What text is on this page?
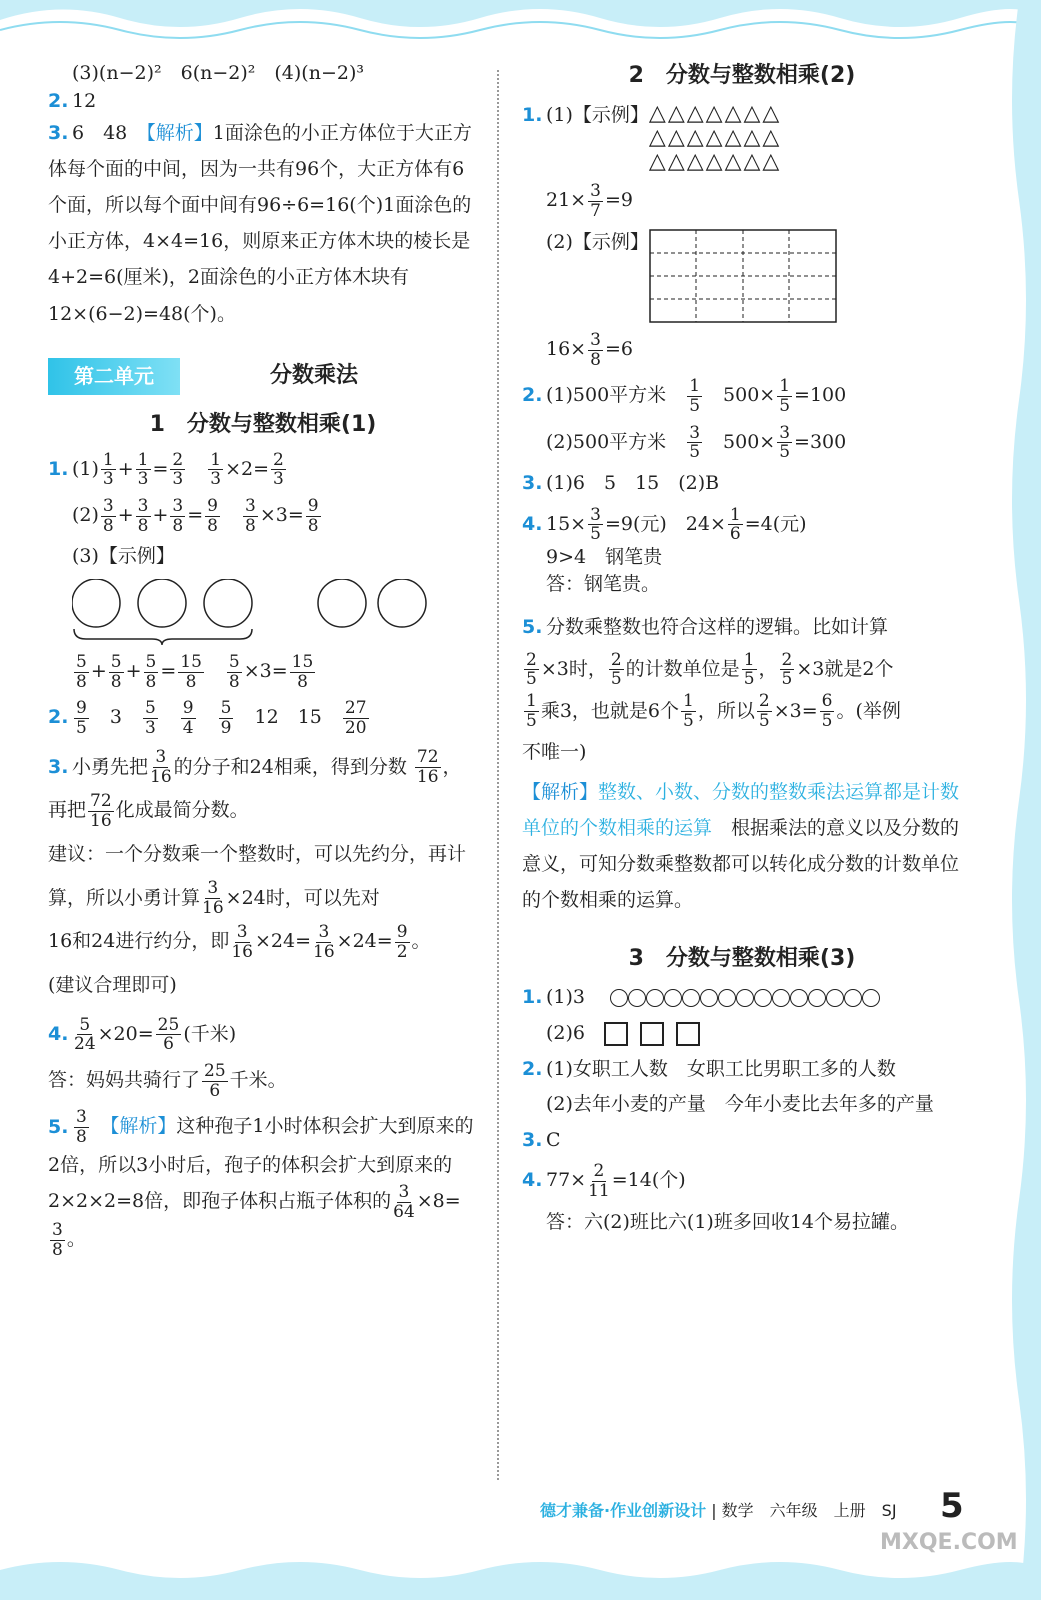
(3)(n−2)²　6(n−2)²　(4)(n−2)³

2. 12

3. 6　48　 【解析】1面涂色的小正方体位于大正方体每个面的中间，因为一共有96个，大正方体有6个面，所以每个面中间有96÷6=16(个)1面涂色的小正方体，4×4=16，则原来正方体木块的棱长是4+2=6(厘米)，2面涂色的小正方体木块有12×(6−2)=48(个)。

第二单元	分数乘法
1　分数与整数相乘(1)
1. $(1) \frac{1}{3} + \frac{1}{3} = \frac{2}{3}$
　 $\frac{1}{3} \times 2= \frac{2}{3}$
$(2) \frac{3}{8} + \frac{3}{8} + \frac{3}{8} = \frac{9}{8}$
　 $\frac{3}{8} \times 3= \frac{9}{8}$
(3)【示例】
$\frac{5}{8} + \frac{5}{8} + \frac{5}{8} = \frac{15}{8}$
　 $\frac{5}{8} \times 3= \frac{15}{8}$
2. $\frac{9}{5}$
　 3　 $\frac{5}{3}$
　 $\frac{9}{4}$
　 $\frac{5}{9}$
　 12　 15　 $\frac{27}{20}$
3. 小勇先把 $\frac{3}{16}$ 的分子和24相乘，得到分数 $\frac{72}{16}$ ，再把 $\frac{72}{16}$ 化成最简分数。
建议：一个分数乘一个整数时，可以先约分，再计算，所以小勇计算 $\frac{3}{16} \times 24$时，可以先对
16和24进行约分，即 $\frac{3}{16} \times 24= \frac{3}{16} \times 24= \frac{9}{2}$ 。
(建议合理即可)
4. $\frac{5}{24} \times 20= \frac{25}{6}$ (千米)
答：妈妈共骑行了 $\frac{25}{6}$ 千米。
5. $\frac{3}{8}$
　 【解析】这种孢子1小时体积会扩大到原来的2倍，所以3小时后，孢子的体积会扩大到原来的2×2×2=8倍，即孢子体积占瓶子体积的 $\frac{3}{64} \times 8=$
$\frac{3}{8}$ 。
2　分数与整数相乘(2)
1. (1)【示例】 △△△△△△△
△△△△△△△
△△△△△△△
$21\times \frac{3}{7} =9$
(2)【示例】
$16\times \frac{3}{8} =6$
2. (1)500平方米　 $\frac{1}{5}$ 　$500\times \frac{1}{5} =100$
(2)500平方米　 $\frac{3}{5}$ 　$500\times \frac{3}{5} =300$
3. (1)6　5　15　(2)B
4. $15\times \frac{3}{5} =9$(元)　$24\times \frac{1}{6} =4$(元)
9>4　钢笔贵
答：钢笔贵。
5. 分数乘整数也符合这样的逻辑。比如计算

$\frac{2}{5} \times 3$时， $\frac{2}{5}$ 的计数单位是 $\frac{1}{5}$ ， $\frac{2}{5} \times 3$就是2个

$\frac{1}{5}$ 乘3，也就是6个 $\frac{1}{5}$ ，所以 $\frac{2}{5} \times 3= \frac{6}{5}$ 。(举例
不唯一)
【解析】整数、小数、分数的整数乘法运算都是计数单位的个数相乘的运算　 根据乘法的意义以及分数的意义，可知分数乘整数都可以转化成分数的计数单位的个数相乘的运算。
3　分数与整数相乘(3)
1. (1)3　
(2)6　
2. (1)女职工人数　女职工比男职工多的人数
(2)去年小麦的产量　今年小麦比去年多的产量
3. C
4. $77\times \frac{2}{11} =14$(个)
答：六(2)班比六(1)班多回收14个易拉罐。
德才兼备·作业创新设计 | 数学　六年级　上册　SJ 5
MXQE.COM
